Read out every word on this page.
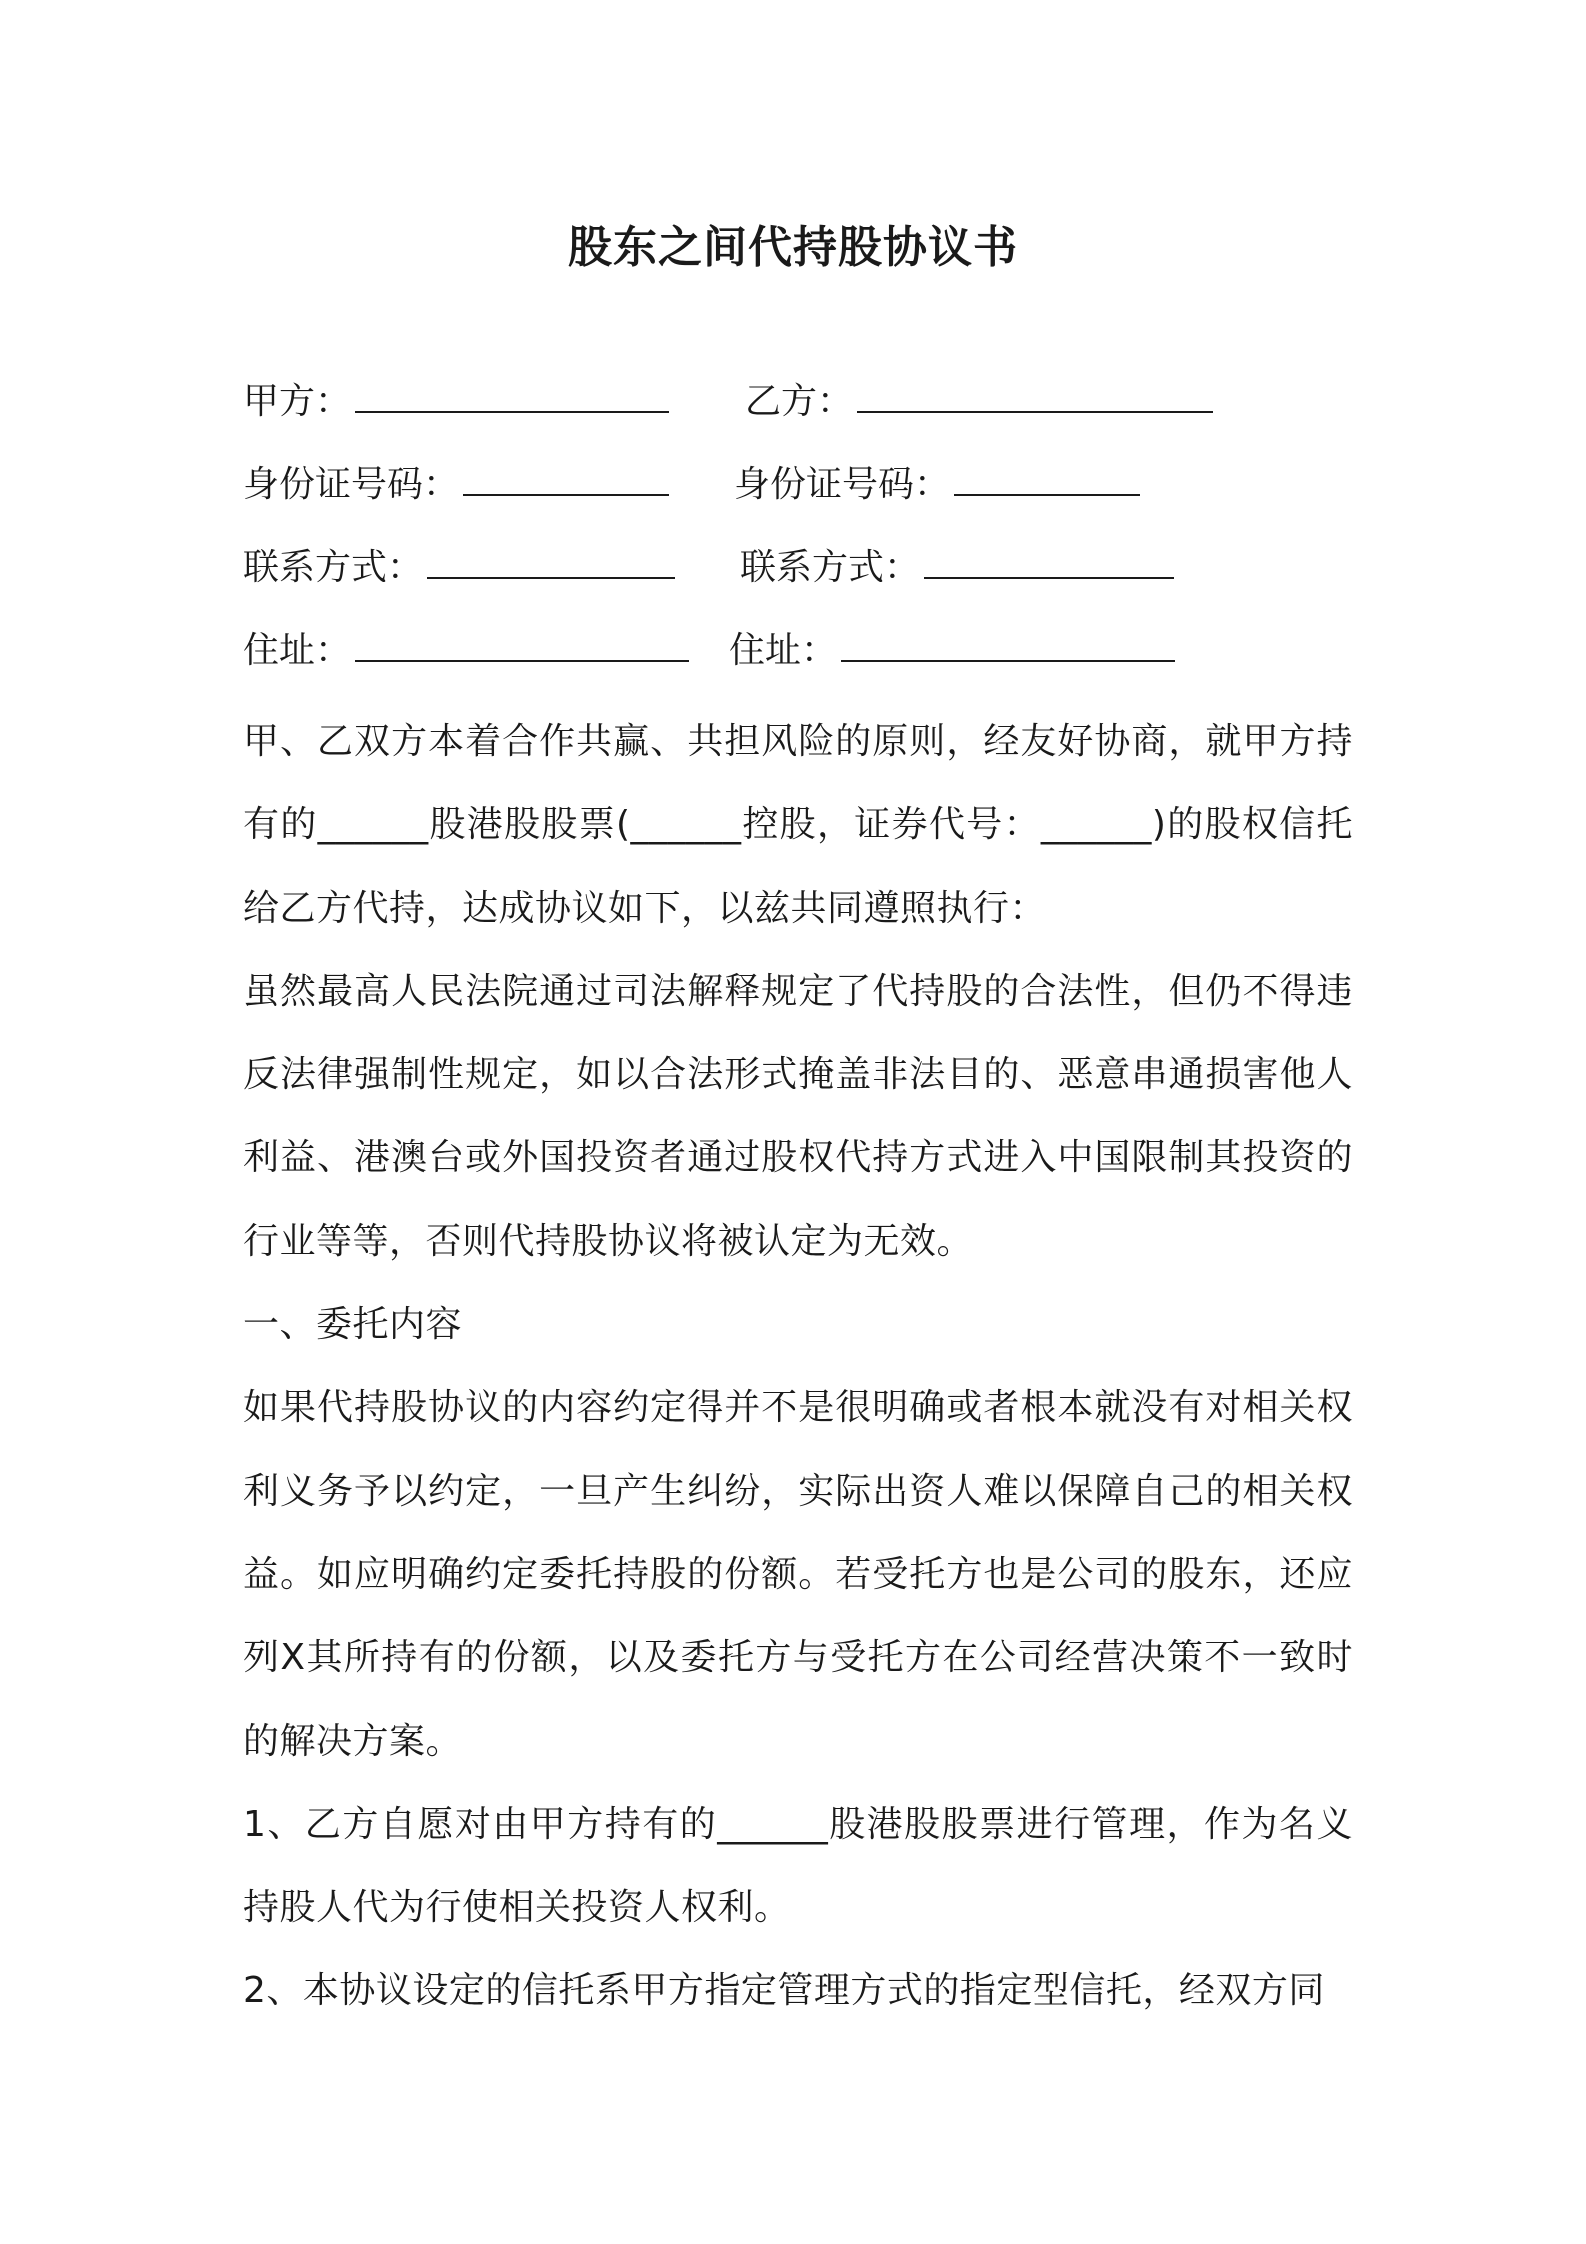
股东之间代持股协议书
甲方：	乙方：
身份证号码：	身份证号码：
联系方式：	联系方式：
住址：	住址：

甲、乙双方本着合作共赢、共担风险的原则，经友好协商，就甲方持有的______股港股股票(______控股，证券代号：______)的股权信托给乙方代持，达成协议如下，以兹共同遵照执行：

虽然最高人民法院通过司法解释规定了代持股的合法性，但仍不得违反法律强制性规定，如以合法形式掩盖非法目的、恶意串通损害他人利益、港澳台或外国投资者通过股权代持方式进入中国限制其投资的行业等等，否则代持股协议将被认定为无效。

一、委托内容

如果代持股协议的内容约定得并不是很明确或者根本就没有对相关权利义务予以约定，一旦产生纠纷，实际出资人难以保障自己的相关权益。如应明确约定委托持股的份额。若受托方也是公司的股东，还应列Ⅹ其所持有的份额，以及委托方与受托方在公司经营决策不一致时的解决方案。

1、乙方自愿对由甲方持有的______股港股股票进行管理，作为名义持股人代为行使相关投资人权利。

2、本协议设定的信托系甲方指定管理方式的指定型信托，经双方同
